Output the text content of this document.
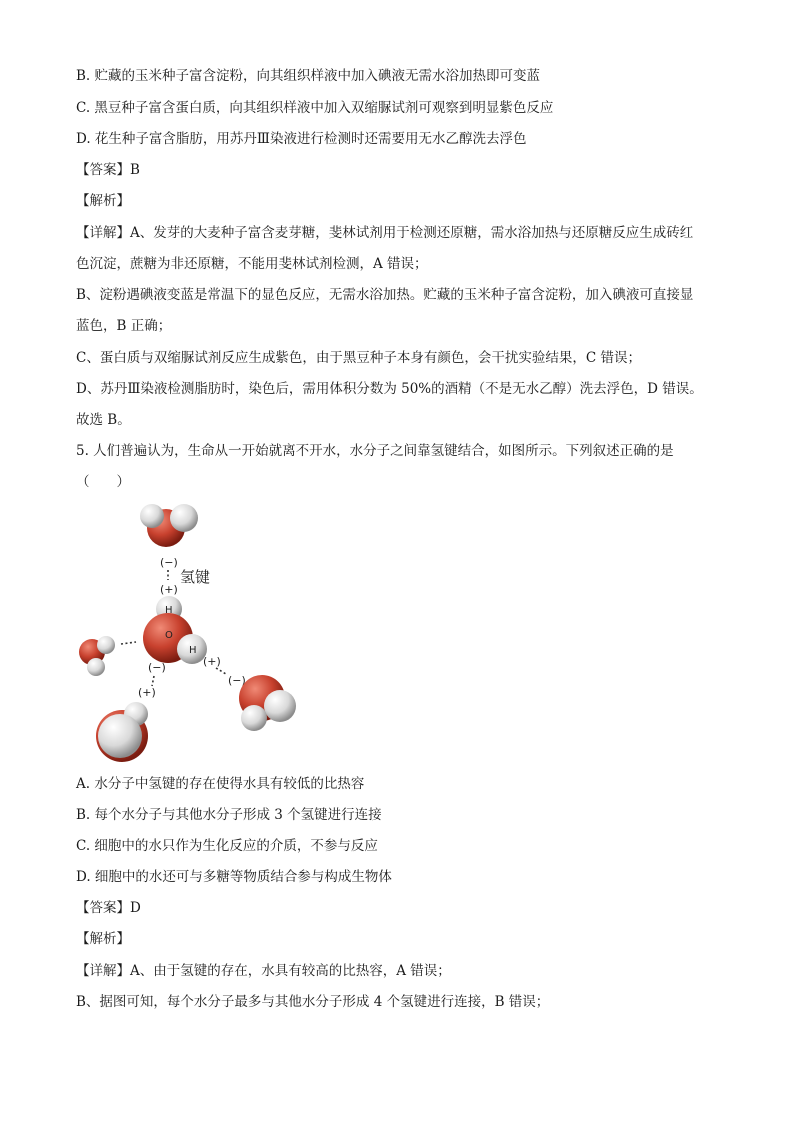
B. 贮藏的玉米种子富含淀粉，向其组织样液中加入碘液无需水浴加热即可变蓝
C. 黑豆种子富含蛋白质，向其组织样液中加入双缩脲试剂可观察到明显紫色反应
D. 花生种子富含脂肪，用苏丹Ⅲ染液进行检测时还需要用无水乙醇洗去浮色
【答案】B
【解析】
【详解】A、发芽的大麦种子富含麦芽糖，斐林试剂用于检测还原糖，需水浴加热与还原糖反应生成砖红
色沉淀，蔗糖为非还原糖，不能用斐林试剂检测，A 错误；
B、淀粉遇碘液变蓝是常温下的显色反应，无需水浴加热。贮藏的玉米种子富含淀粉，加入碘液可直接显
蓝色，B 正确；
C、蛋白质与双缩脲试剂反应生成紫色，由于黑豆种子本身有颜色，会干扰实验结果，C 错误；
D、苏丹Ⅲ染液检测脂肪时，染色后，需用体积分数为 50%的酒精（不是无水乙醇）洗去浮色，D 错误。
故选 B。
5. 人们普遍认为，生命从一开始就离不开水，水分子之间靠氢键结合，如图所示。下列叙述正确的是
（　　）
(−)
氢键
(+)
H
O
H
(−)
(+)
(+)
(−)
A. 水分子中氢键的存在使得水具有较低的比热容
B. 每个水分子与其他水分子形成 3 个氢键进行连接
C. 细胞中的水只作为生化反应的介质，不参与反应
D. 细胞中的水还可与多糖等物质结合参与构成生物体
【答案】D
【解析】
【详解】A、由于氢键的存在，水具有较高的比热容，A 错误；
B、据图可知，每个水分子最多与其他水分子形成 4 个氢键进行连接，B 错误；
